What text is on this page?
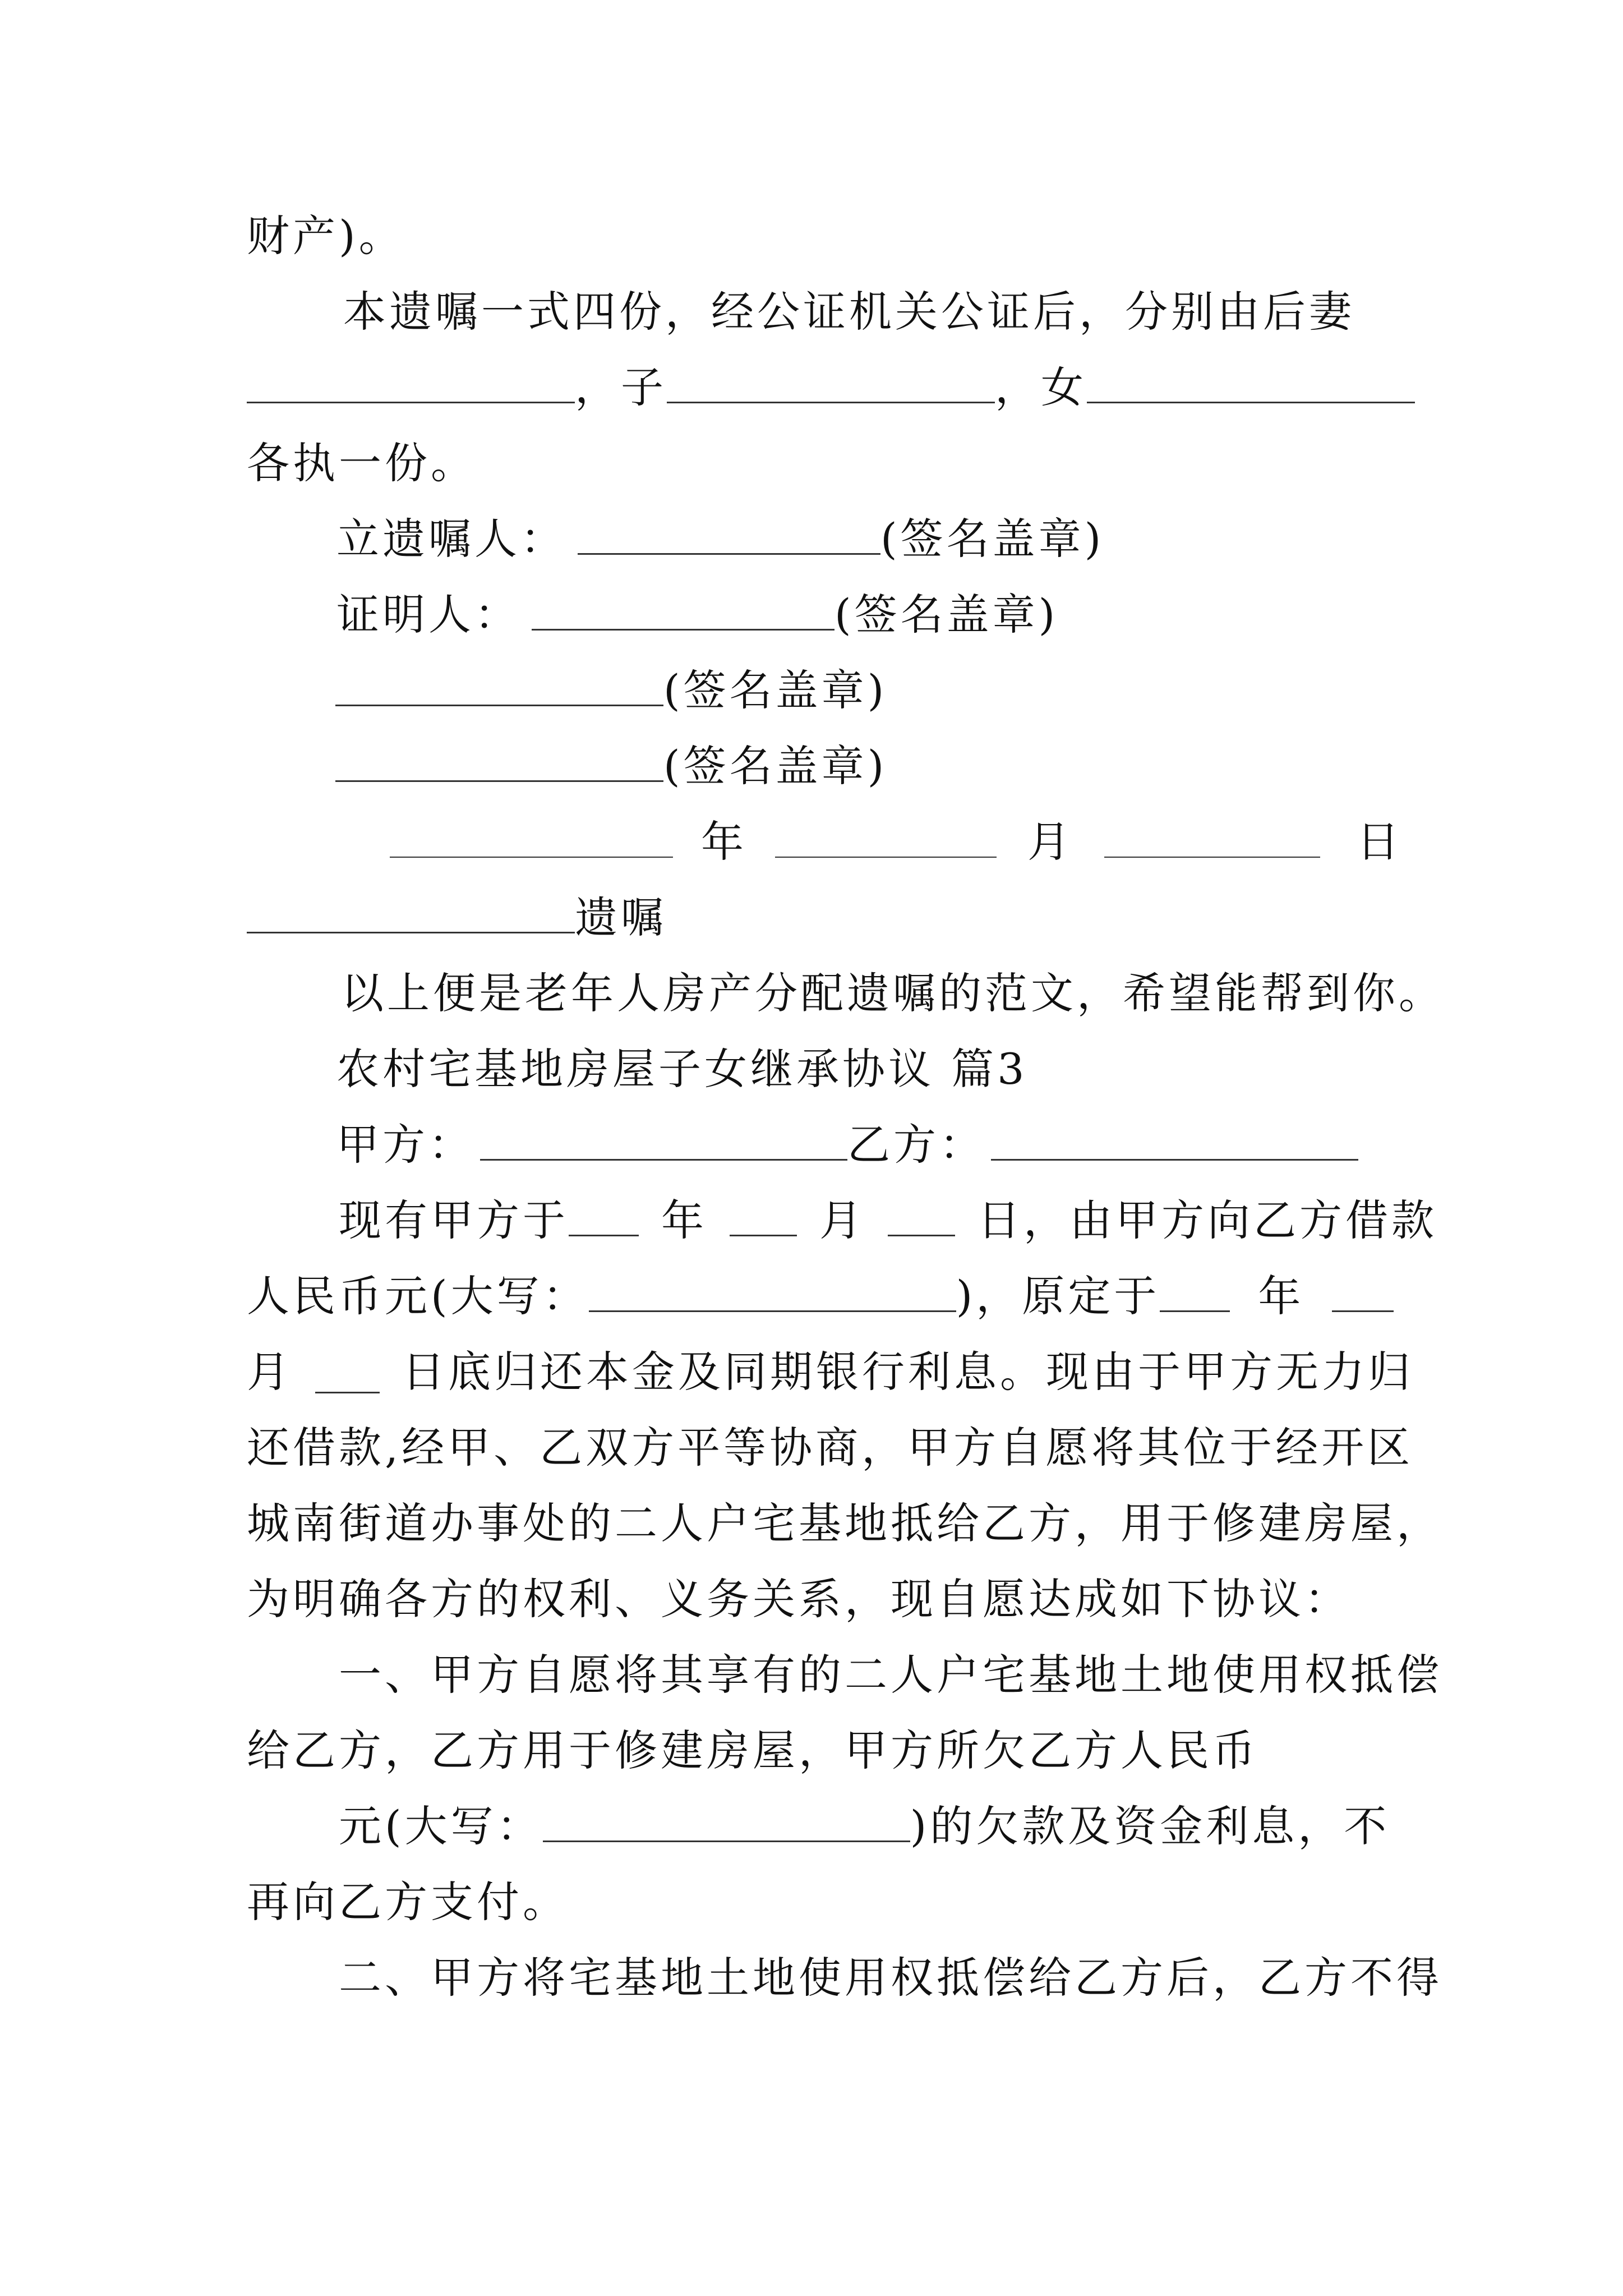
财产)。
本遗嘱一式四份，经公证机关公证后，分别由后妻
，子	，女
各执一份。
立遗嘱人：	(签名盖章)
证明人：	(签名盖章)
(签名盖章)
(签名盖章)
年	月	日
遗嘱
以上便是老年人房产分配遗嘱的范文，希望能帮到你。
农村宅基地房屋子女继承协议 篇3
甲方：	乙方：
现有甲方于 年	月	日，由甲方向乙方借款
人民币元(大写：	)，原定于 年
月	日底归还本金及同期银行利息。现由于甲方无力归
还借款,经甲、乙双方平等协商，甲方自愿将其位于经开区
城南街道办事处的二人户宅基地抵给乙方，用于修建房屋，
为明确各方的权利、义务关系，现自愿达成如下协议：
一、甲方自愿将其享有的二人户宅基地土地使用权抵偿
给乙方，乙方用于修建房屋，甲方所欠乙方人民币
元(大写：	)的欠款及资金利息，不
再向乙方支付。
二、甲方将宅基地土地使用权抵偿给乙方后，乙方不得
